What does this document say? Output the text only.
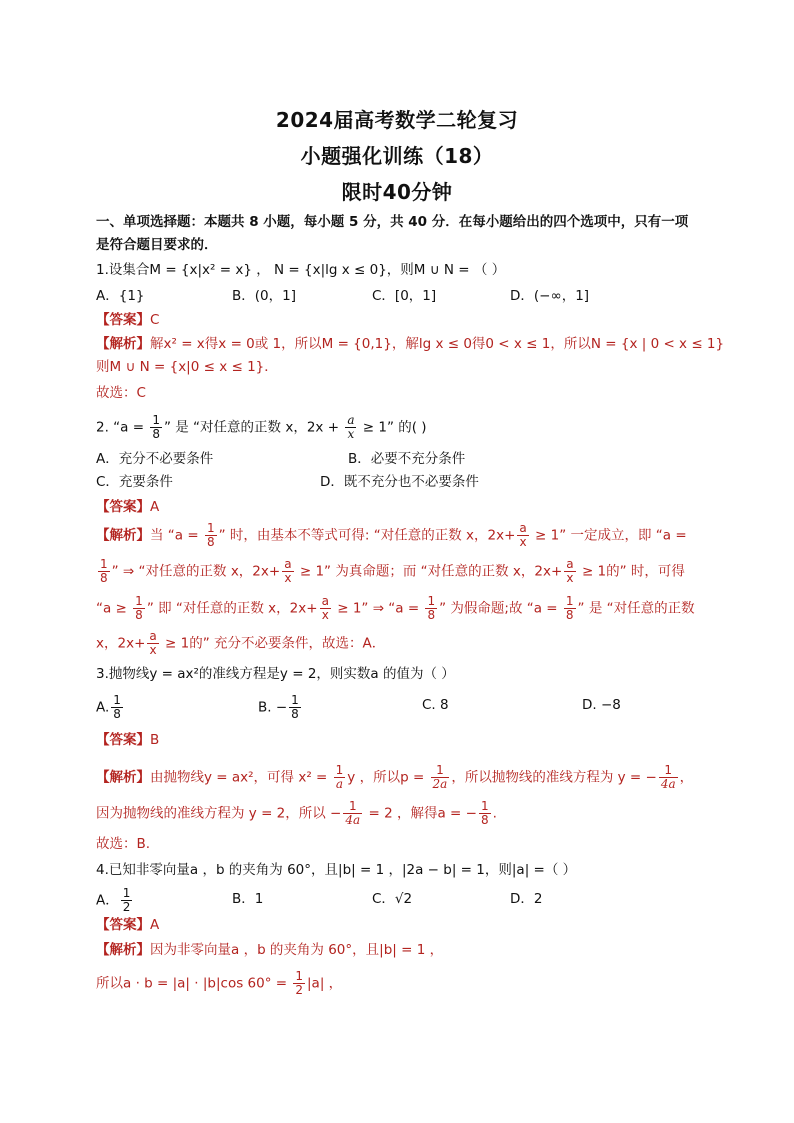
2024届高考数学二轮复习
小题强化训练（18）
限时40分钟
一、单项选择题：本题共 8 小题，每小题 5 分，共 40 分．在每小题给出的四个选项中，只有一项
是符合题目要求的．
1.设集合M = {x|x² = x} ， N = {x|lg x ≤ 0}，则M ∪ N = （ ）
A．{1}	B．(0，1]	C．[0，1]	D．(−∞，1]
【答案】C
【解析】解x² = x得x = 0或 1，所以M = {0,1}，解lg x ≤ 0得0 < x ≤ 1，所以N = {x | 0 < x ≤ 1}
则M ∪ N = {x|0 ≤ x ≤ 1}．
故选：C
2. “$a = \frac{1}{8}$ ” 是 “对任意的正数 x，$2x + \frac{a}{x} \ge 1$” 的( )
A．充分不必要条件	B．必要不充分条件
C．充要条件	D．既不充分也不必要条件
【答案】A
【解析】当 “$a = \frac{1}{8}$ ” 时，由基本不等式可得: “对任意的正数 x，$2x+ \frac{a}{x} \ge 1$” 一定成立，即 “a =
$\frac{1}{8}$ ” ⇒ “对任意的正数 x，$2x+ \frac{a}{x} \ge 1$” 为真命题；而 “对任意的正数 x，$2x+ \frac{a}{x} \ge 1$的” 时，可得
“$a \ge \frac{1}{8}$ ” 即 “对任意的正数 x，$2x+ \frac{a}{x} \ge 1$” ⇒ “$a = \frac{1}{8}$ ” 为假命题;故 “$a = \frac{1}{8}$ ” 是 “对任意的正数
x，$2x+ \frac{a}{x} \ge 1$的” 充分不必要条件，故选：A．
3.抛物线y = ax²的准线方程是y = 2，则实数a 的值为（ ）
A. $\frac{1}{8}$	B. − $\frac{1}{8}$	C. 8	D. −8
【答案】B
【解析】由抛物线y = ax²，可得 $x^2 = \frac{1}{a}$ y ，所以$p = \frac{1}{2a}$ ，所以抛物线的准线方程为 y = − $\frac{1}{4a}$ ，
因为抛物线的准线方程为 y = 2，所以 − $\frac{1}{4a} = 2$ ，解得a = − $\frac{1}{8}$ .
故选：B.
4.已知非零向量a ，b 的夹角为 60°，且|b| = 1 ，|2a − b| = 1，则|a| =（ ）
A． $\frac{1}{2}$	B．1	C．√2	D．2
【答案】A
【解析】因为非零向量a ，b 的夹角为 60°，且|b| = 1 ，
所以a · b = |a| · |b|cos $60^\circ = \frac{1}{2} |a|$ ，
